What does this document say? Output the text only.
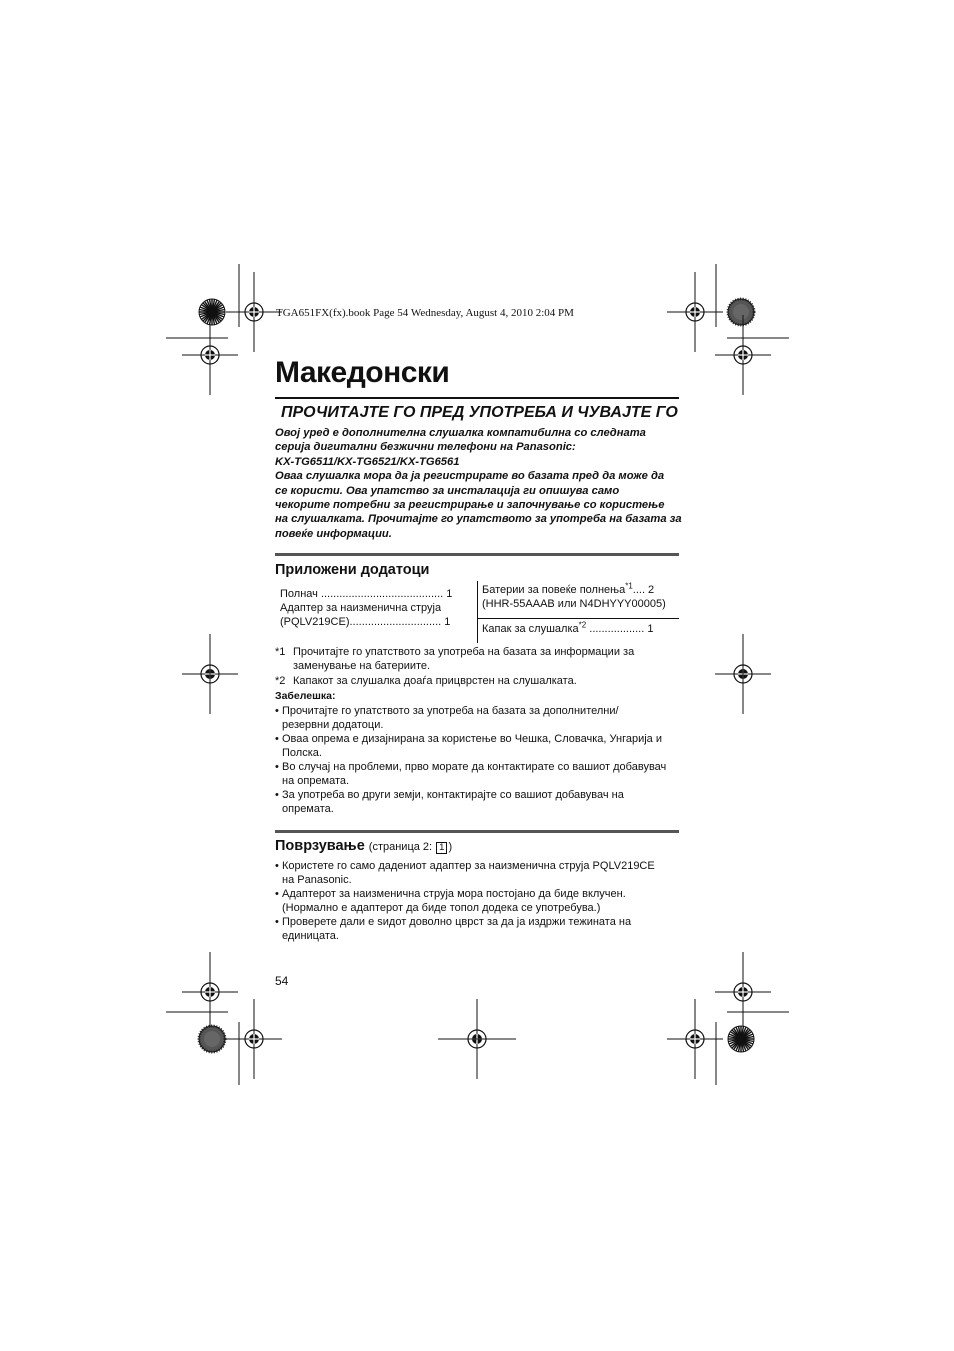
TGA651FX(fx).book Page 54 Wednesday, August 4, 2010 2:04 PM
Македонски
ПРОЧИТАЈТЕ ГО ПРЕД УПОТРЕБА И ЧУВАЈТЕ ГО

Овој уред е дополнителна слушалка компатибилна со следната

серија дигитални безжични телефони на Panasonic:

KX-TG6511/KX-TG6521/KX-TG6561

Оваа слушалка мора да ја регистрирате во базата пред да може да

се користи. Ова упатство за инсталација ги опишува само

чекорите потребни за регистрирање и започнување со користење

на слушалката. Прочитајте го упатството за употреба на базата за

повеќе информации.

Приложени додатоци
Полнач ........................................ 1
Адаптер за наизменична струја
(PQLV219CE).............................. 1
Батерии за повеќе полнења$^{*1}$.... 2
(HHR-55AAAB или N4DHYYY00005)
Капак за слушалка$^{*2}$ .................. 1
*1 Прочитајте го упатството за употреба на базата за информации за
заменување на батериите.
*2 Капакот за слушалка доаѓа прицврстен на слушалката.
Забелешка:
• Прочитајте го упатството за употреба на базата за дополнителни/
резервни додатоци.
• Оваа опрема е дизајнирана за користење во Чешка, Словачка, Унгарија и
Полска.
• Во случај на проблеми, прво морате да контактирате со вашиот добавувач
на опремата.
• За употреба во други земји, контактирајте со вашиот добавувач на
опремата.
Поврзување (страница 2: 1 )
• Користете го само дадениот адаптер за наизменична струја PQLV219CE
на Panasonic.
• Адаптерот за наизменична струја мора постојано да биде вклучен.
(Нормално е адаптерот да биде топол додека се употребува.)
• Проверете дали е ѕидот доволно цврст за да ја издржи тежината на
единицата.
54
